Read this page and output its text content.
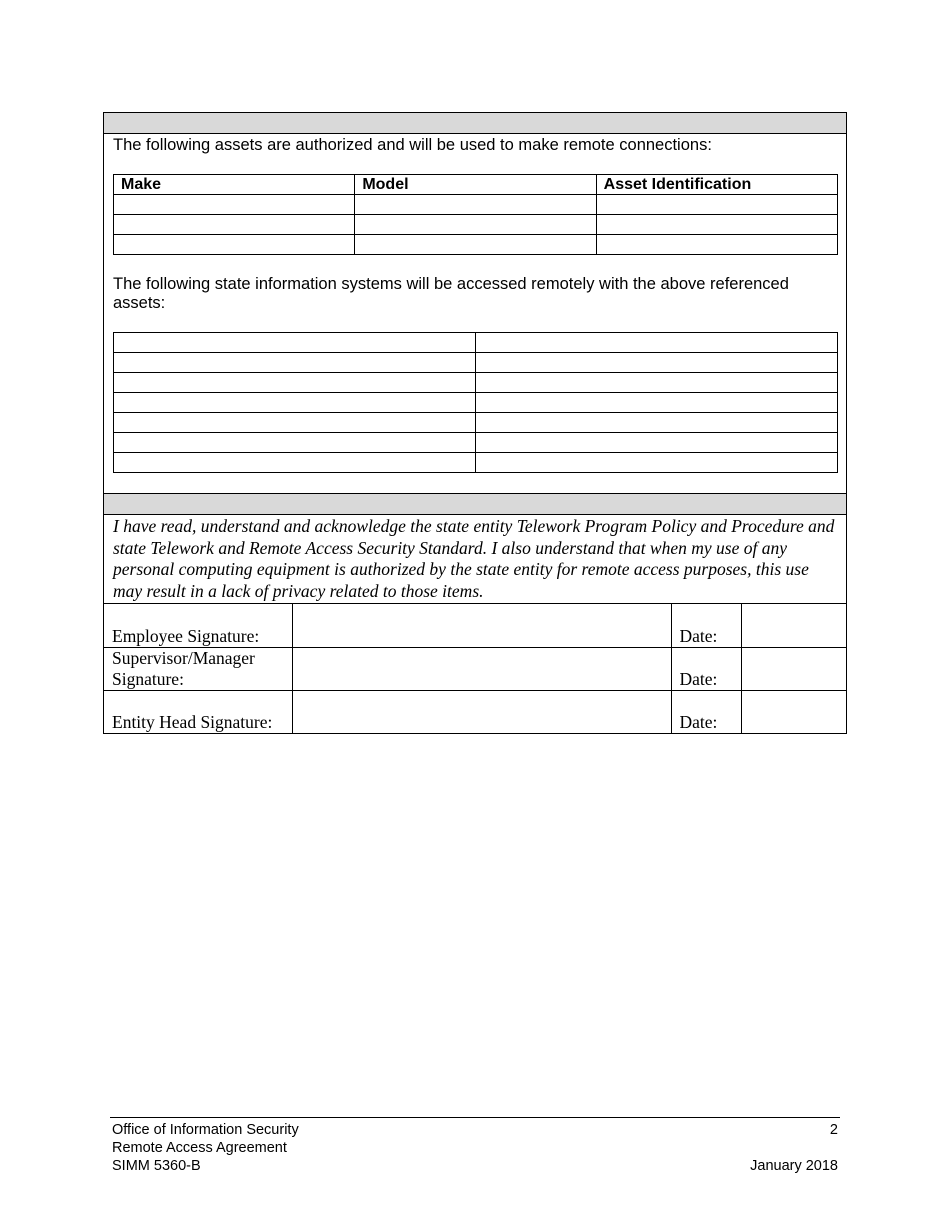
The following assets are authorized and will be used to make remote connections:
Make	Model	Asset Identification

The following state information systems will be accessed remotely with the above referenced assets:

I have read, understand and acknowledge the state entity Telework Program Policy and Procedure and state Telework and Remote Access Security Standard. I also understand that when my use of any personal computing equipment is authorized by the state entity for remote access purposes, this use may result in a lack of privacy related to those items.
Employee Signature:		Date:	
Supervisor/Manager
Signature:		Date:	
Entity Head Signature:		Date:	
Office of Information Security
Remote Access Agreement
SIMM 5360-B
2
January 2018
